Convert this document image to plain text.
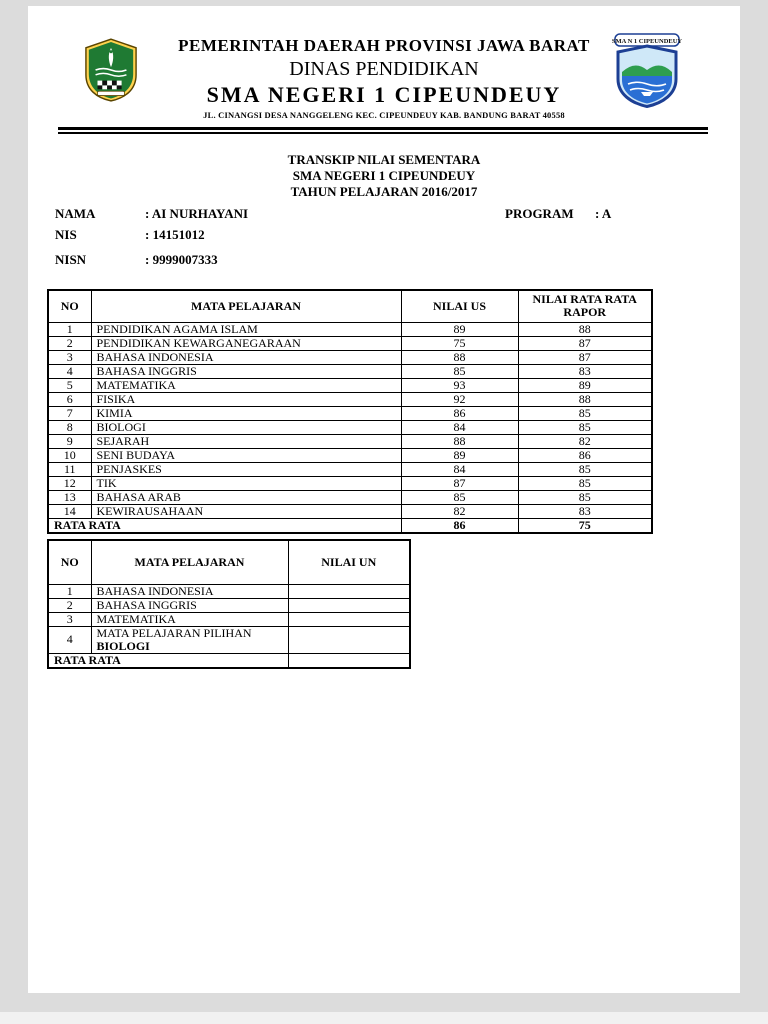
PEMERINTAH DAERAH PROVINSI JAWA BARAT
DINAS PENDIDIKAN
SMA NEGERI 1 CIPEUNDEUY
JL. CINANGSI DESA NANGGELENG KEC. CIPEUNDEUY KAB. BANDUNG BARAT 40558
SMA N 1 CIPEUNDEUY
TRANSKIP NILAI SEMENTARA
SMA NEGERI 1 CIPEUNDEUY
TAHUN PELAJARAN 2016/2017
NAMA	: AI NURHAYANI	PROGRAM	: A
NIS	: 14151012
NISN	: 9999007333
NO	MATA PELAJARAN	NILAI US	NILAI RATA RATA RAPOR
1	PENDIDIKAN AGAMA ISLAM	89	88
2	PENDIDIKAN KEWARGANEGARAAN	75	87
3	BAHASA INDONESIA	88	87
4	BAHASA INGGRIS	85	83
5	MATEMATIKA	93	89
6	FISIKA	92	88
7	KIMIA	86	85
8	BIOLOGI	84	85
9	SEJARAH	88	82
10	SENI BUDAYA	89	86
11	PENJASKES	84	85
12	TIK	87	85
13	BAHASA ARAB	85	85
14	KEWIRAUSAHAAN	82	83
RATA RATA		86	75
NO	MATA PELAJARAN	NILAI UN
1	BAHASA INDONESIA	
2	BAHASA INGGRIS	
3	MATEMATIKA	
4	MATA PELAJARAN PILIHAN
BIOLOGI	

RATA RATA		
